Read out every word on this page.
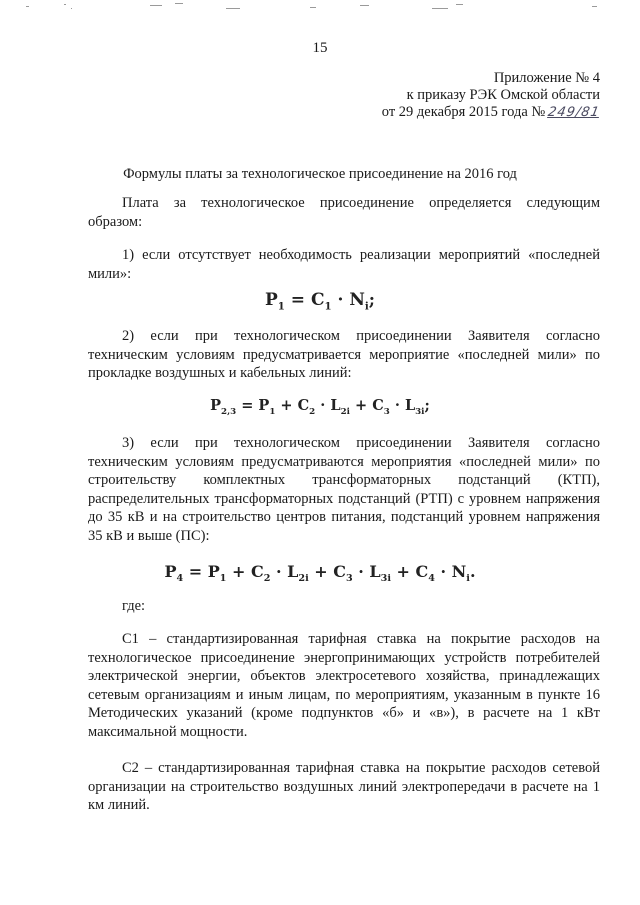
15
Приложение № 4
к приказу РЭК Омской области
от 29 декабря 2015 года № 249/81
Формулы платы за технологическое присоединение на 2016 год
Плата за технологическое присоединение определяется следующим образом:
1) если отсутствует необходимость реализации мероприятий «последней мили»:
$P_1 = C_1 \cdot N_i$;
2) если при технологическом присоединении Заявителя согласно техническим условиям предусматривается мероприятие «последней мили» по прокладке воздушных и кабельных линий:
$P_{2,3} = P_1 + C_2 \cdot L_{2i} + C_3 \cdot L_{3i}$;
3) если при технологическом присоединении Заявителя согласно техническим условиям предусматриваются мероприятия «последней мили» по строительству комплектных трансформаторных подстанций (КТП), распределительных трансформаторных подстанций (РТП) с уровнем напряжения до 35 кВ и на строительство центров питания, подстанций уровнем напряжения 35 кВ и выше (ПС):
$P_4 = P_1 + C_2 \cdot L_{2i} + C_3 \cdot L_{3i} + C_4 \cdot N_i$.
где:
С1 – стандартизированная тарифная ставка на покрытие расходов на технологическое присоединение энергопринимающих устройств потребителей электрической энергии, объектов электросетевого хозяйства, принадлежащих сетевым организациям и иным лицам, по мероприятиям, указанным в пункте 16 Методических указаний (кроме подпунктов «б» и «в»), в расчете на 1 кВт максимальной мощности.
С2 – стандартизированная тарифная ставка на покрытие расходов сетевой организации на строительство воздушных линий электропередачи в расчете на 1 км линий.
